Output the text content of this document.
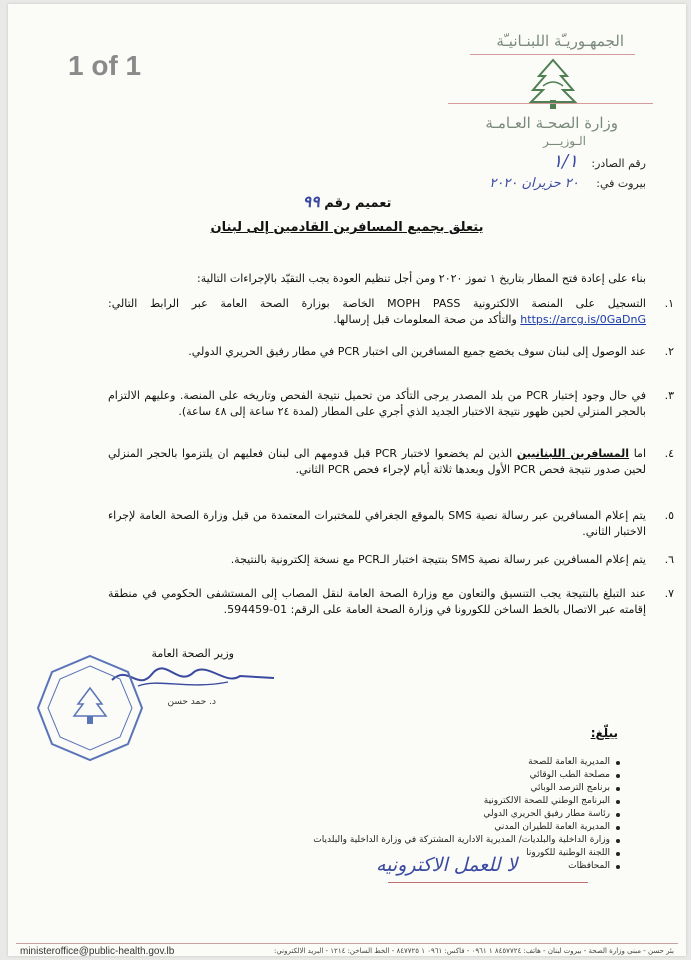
1 of 1
الجمهـوريـّة اللبنـانيـّة
وزارة الصحـة العـامـة
الـوزيـــر
رقم الصادر: ١/١
بيروت في: ٢٠ حزيران ٢٠٢٠
تعميم رقم ٩٩
يتعلق بجميع المسافرين القادمين إلى لبنان
بناء على إعادة فتح المطار بتاريخ ١ تموز ٢٠٢٠ ومن أجل تنظيم العودة يجب التقيّد بالإجراءات التالية:
١.
التسجيل على المنصة الالكترونية MOPH PASS الخاصة بوزارة الصحة العامة عبر الرابط التالي: https://arcg.is/0GaDnG والتأكد من صحة المعلومات قبل إرسالها.
٢.
عند الوصول إلى لبنان سوف يخضع جميع المسافرين الى اختبار PCR في مطار رفيق الحريري الدولي.
٣.
في حال وجود إختبار PCR من بلد المصدر يرجى التأكد من تحميل نتيجة الفحص وتاريخه على المنصة. وعليهم الالتزام بالحجر المنزلي لحين ظهور نتيجة الاختبار الجديد الذي أجري على المطار (لمدة ٢٤ ساعة إلى ٤٨ ساعة).
٤.
اما المسافرين اللبنانيين الذين لم يخضعوا لاختبار PCR قبل قدومهم الى لبنان فعليهم ان يلتزموا بالحجر المنزلي لحين صدور نتيجة فحص PCR الأول وبعدها ثلاثة أيام لإجراء فحص PCR الثاني.
٥.
يتم إعلام المسافرين عبر رسالة نصية SMS بالموقع الجغرافي للمختبرات المعتمدة من قبل وزارة الصحة العامة لإجراء الاختبار الثاني.
٦.
يتم إعلام المسافرين عبر رسالة نصية SMS بنتيجة اختبار الـPCR مع نسخة إلكترونية بالنتيجة.
٧.
عند التبلغ بالنتيجة يجب التنسيق والتعاون مع وزارة الصحة العامة لنقل المصاب إلى المستشفى الحكومي في منطقة إقامته عبر الاتصال بالخط الساخن للكورونا في وزارة الصحة العامة على الرقم: 01-594459.
وزير الصحة العامة
د. حمد حسن
يبلّغ:
المديرية العامة للصحة
مصلحة الطب الوقائي
برنامج الترصد الوبائي
البرنامج الوطني للصحة الالكترونية
رئاسة مطار رفيق الحريري الدولي
المديرية العامة للطيران المدني
وزارة الداخلية والبلديات/ المديرية الادارية المشتركة في وزارة الداخلية والبلديات
اللجنة الوطنية للكورونا
المحافظات
لا للعمل الاكترونيه
ministeroffice@public-health.gov.lb	بئر حسن - مبنى وزارة الصحة - بيروت لبنان - هاتف: ٨٤٥٧٧٢٤ ١ ٠٩٦١ - فاكس: ٠٩٦١ ١ ٨٤٧٧٢٥ - الخط الساخن: ١٢١٤ - البريد الالكتروني:
